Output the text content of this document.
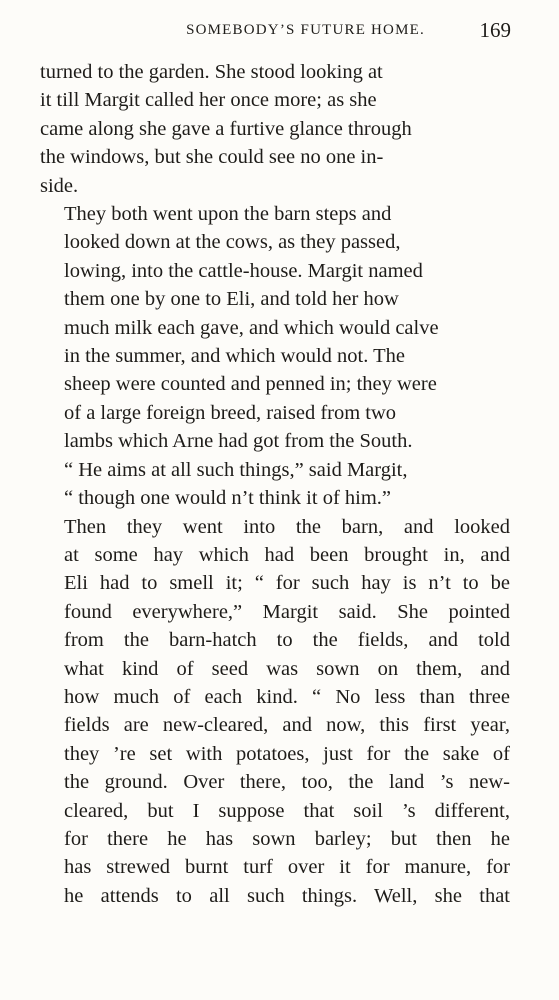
SOMEBODY’S FUTURE HOME.	169

turned to the garden. She stood looking at
it till Margit called her once more; as she
came along she gave a furtive glance through
the windows, but she could see no one in-
side.

They both went upon the barn steps and
looked down at the cows, as they passed,
lowing, into the cattle-house. Margit named
them one by one to Eli, and told her how
much milk each gave, and which would calve
in the summer, and which would not. The
sheep were counted and penned in; they were
of a large foreign breed, raised from two
lambs which Arne had got from the South.
“ He aims at all such things,” said Margit,
“ though one would n’t think it of him.”

Then they went into the barn, and looked
at some hay which had been brought in, and
Eli had to smell it; “ for such hay is n’t to be
found everywhere,” Margit said. She pointed
from the barn-hatch to the fields, and told
what kind of seed was sown on them, and
how much of each kind. “ No less than three
fields are new-cleared, and now, this first year,
they ’re set with potatoes, just for the sake of
the ground. Over there, too, the land ’s new-
cleared, but I suppose that soil ’s different,
for there he has sown barley; but then he
has strewed burnt turf over it for manure, for
he attends to all such things. Well, she that
